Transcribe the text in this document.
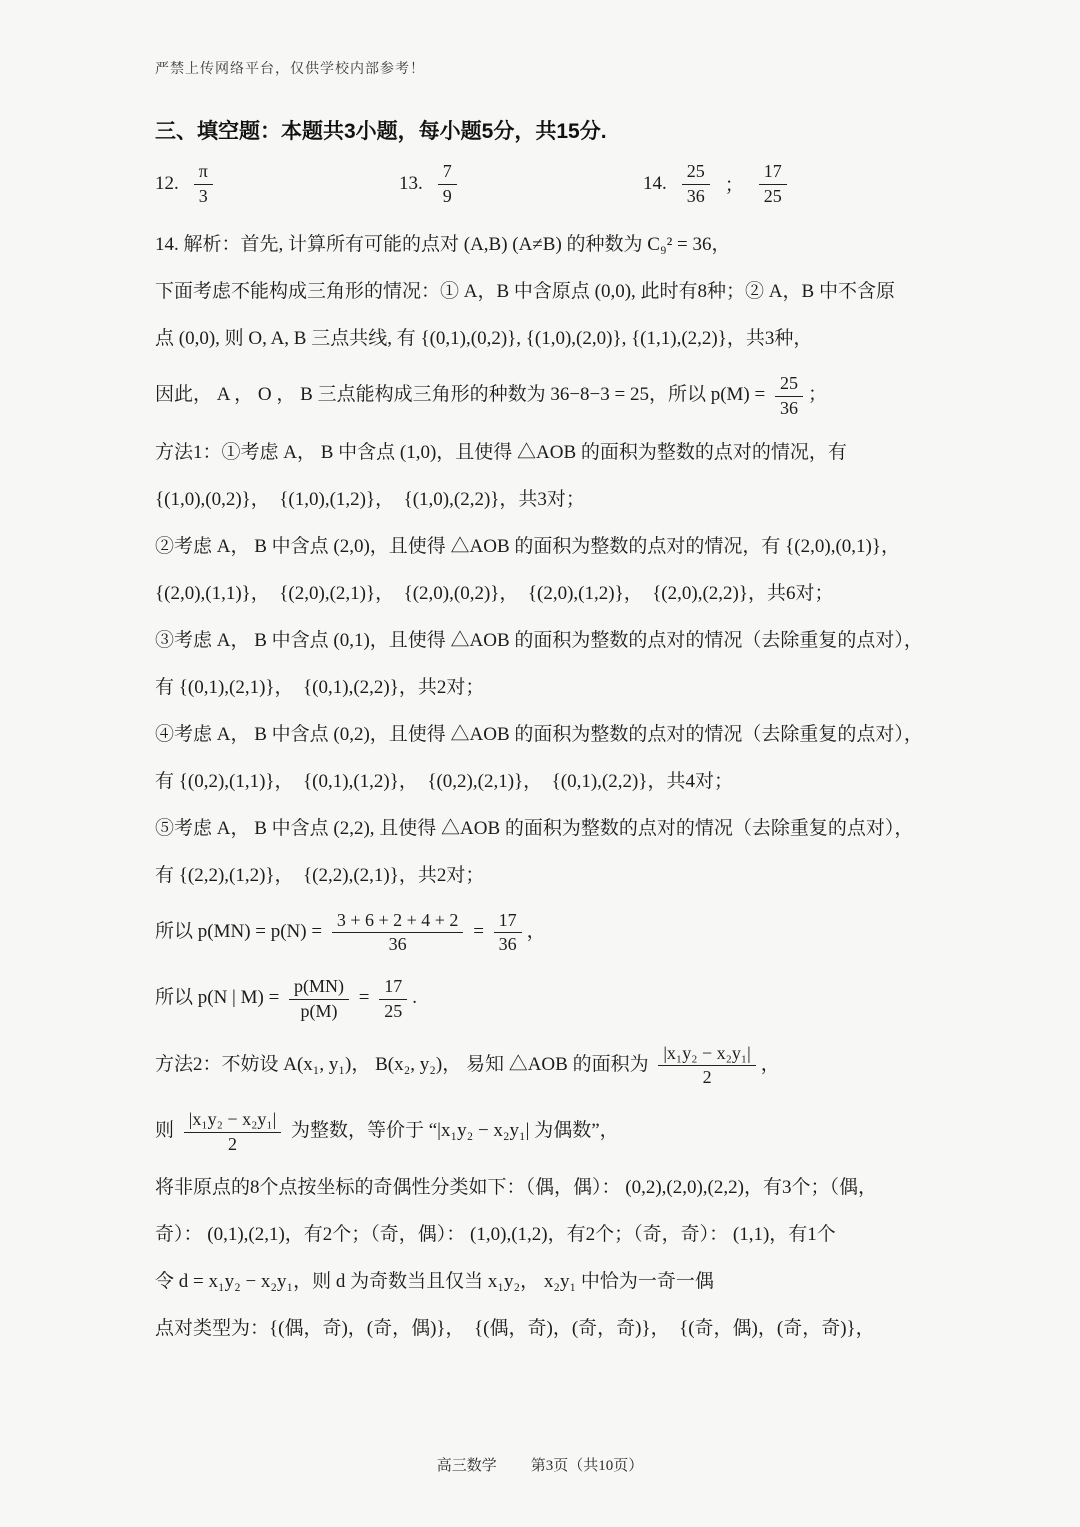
严禁上传网络平台，仅供学校内部参考！
三、填空题：本题共3小题，每小题5分，共15分.
12. $\frac{\pi}{3}$	13. $\frac{7}{9}$	14. $\frac{25}{36}$ ； $\frac{17}{25}$
14. 解析：首先, 计算所有可能的点对 (A,B) (A≠B) 的种数为 C₉² = 36，
下面考虑不能构成三角形的情况：① A，B 中含原点 (0,0), 此时有8种；② A，B 中不含原
点 (0,0), 则 O, A, B 三点共线, 有 {(0,1),(0,2)}, {(1,0),(2,0)}, {(1,1),(2,2)}，共3种，
因此， A ， O ， B 三点能构成三角形的种数为 36−8−3 = 25，所以 $p(M) = \frac{25}{36}$ ；
方法1：①考虑 A， B 中含点 (1,0)，且使得 △AOB 的面积为整数的点对的情况，有
{(1,0),(0,2)}，  {(1,0),(1,2)}，  {(1,0),(2,2)}，共3对；
②考虑 A， B 中含点 (2,0)，且使得 △AOB 的面积为整数的点对的情况，有 {(2,0),(0,1)}，
{(2,0),(1,1)}，  {(2,0),(2,1)}，  {(2,0),(0,2)}，  {(2,0),(1,2)}，  {(2,0),(2,2)}，共6对；
③考虑 A， B 中含点 (0,1)，且使得 △AOB 的面积为整数的点对的情况（去除重复的点对），
有 {(0,1),(2,1)}，  {(0,1),(2,2)}，共2对；
④考虑 A， B 中含点 (0,2)，且使得 △AOB 的面积为整数的点对的情况（去除重复的点对），
有 {(0,2),(1,1)}，  {(0,1),(1,2)}，  {(0,2),(2,1)}，  {(0,1),(2,2)}，共4对；
⑤考虑 A， B 中含点 (2,2), 且使得 △AOB 的面积为整数的点对的情况（去除重复的点对），
有 {(2,2),(1,2)}，  {(2,2),(2,1)}，共2对；
所以 $p(MN) = p(N) = \frac{3 + 6 + 2 + 4 + 2}{36} = \frac{17}{36}$ ，
所以 p(N | $M) = \frac{p(MN)}{p(M)} = \frac{17}{25}$ .
方法2：不妨设 A(x₁, y₁)， B(x₂, y₂)， 易知 △AOB 的面积为 $\frac{\text{|x₁y₂ − x₂y₁|}}{2}$ ，
则 $\frac{\text{|x₁y₂ − x₂y₁|}}{2}$ 为整数，等价于 “|x₁y₂ − x₂y₁| 为偶数”，
将非原点的8个点按坐标的奇偶性分类如下：（偶，偶）： (0,2),(2,0),(2,2)，有3个；（偶，
奇）： (0,1),(2,1)，有2个；（奇，偶）： (1,0),(1,2)，有2个；（奇，奇）： (1,1)，有1个
令 d = x₁y₂ − x₂y₁，则 d 为奇数当且仅当 x₁y₂， x₂y₁ 中恰为一奇一偶
点对类型为：{(偶，奇)，(奇，偶)}，  {(偶，奇)，(奇，奇)}，  {(奇，偶)，(奇，奇)}，
高三数学 第3页（共10页）
